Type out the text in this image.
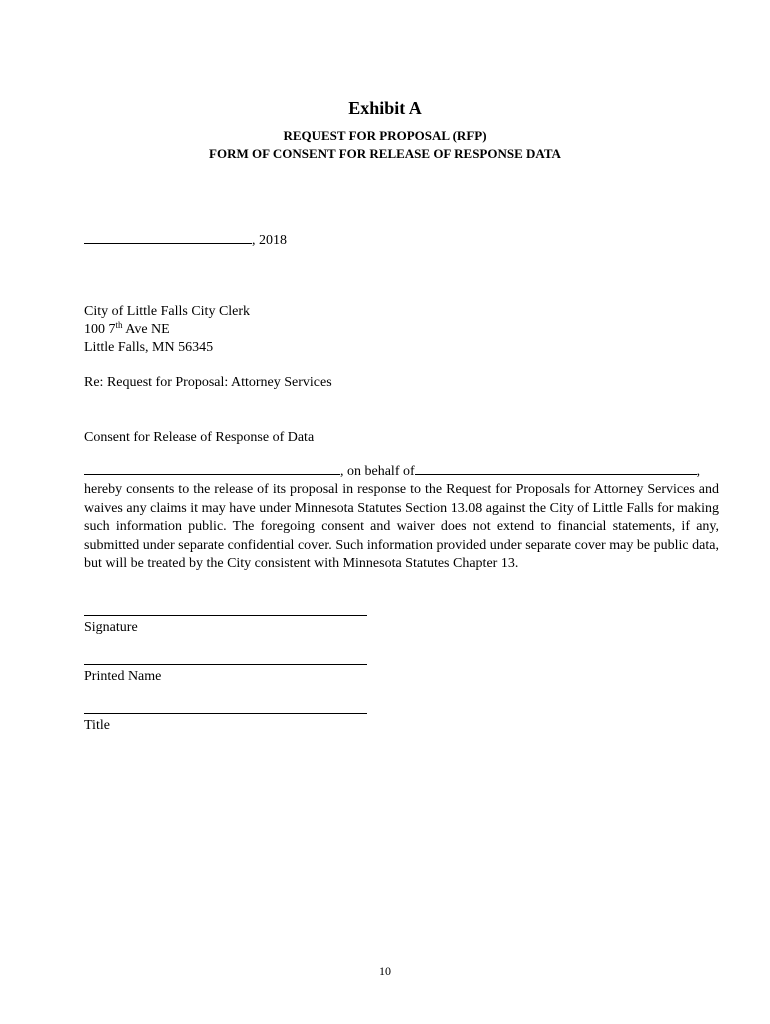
Exhibit A
REQUEST FOR PROPOSAL (RFP)
FORM OF CONSENT FOR RELEASE OF RESPONSE DATA
, 2018
City of Little Falls City Clerk
100 7th Ave NE
Little Falls, MN 56345
Re: Request for Proposal: Attorney Services
Consent for Release of Response of Data
, on behalf of	,
hereby consents to the release of its proposal in response to the Request for Proposals for Attorney Services and waives any claims it may have under Minnesota Statutes Section 13.08 against the City of Little Falls for making such information public. The foregoing consent and waiver does not extend to financial statements, if any, submitted under separate confidential cover. Such information provided under separate cover may be public data, but will be treated by the City consistent with Minnesota Statutes Chapter 13.
Signature
Printed Name
Title
10
